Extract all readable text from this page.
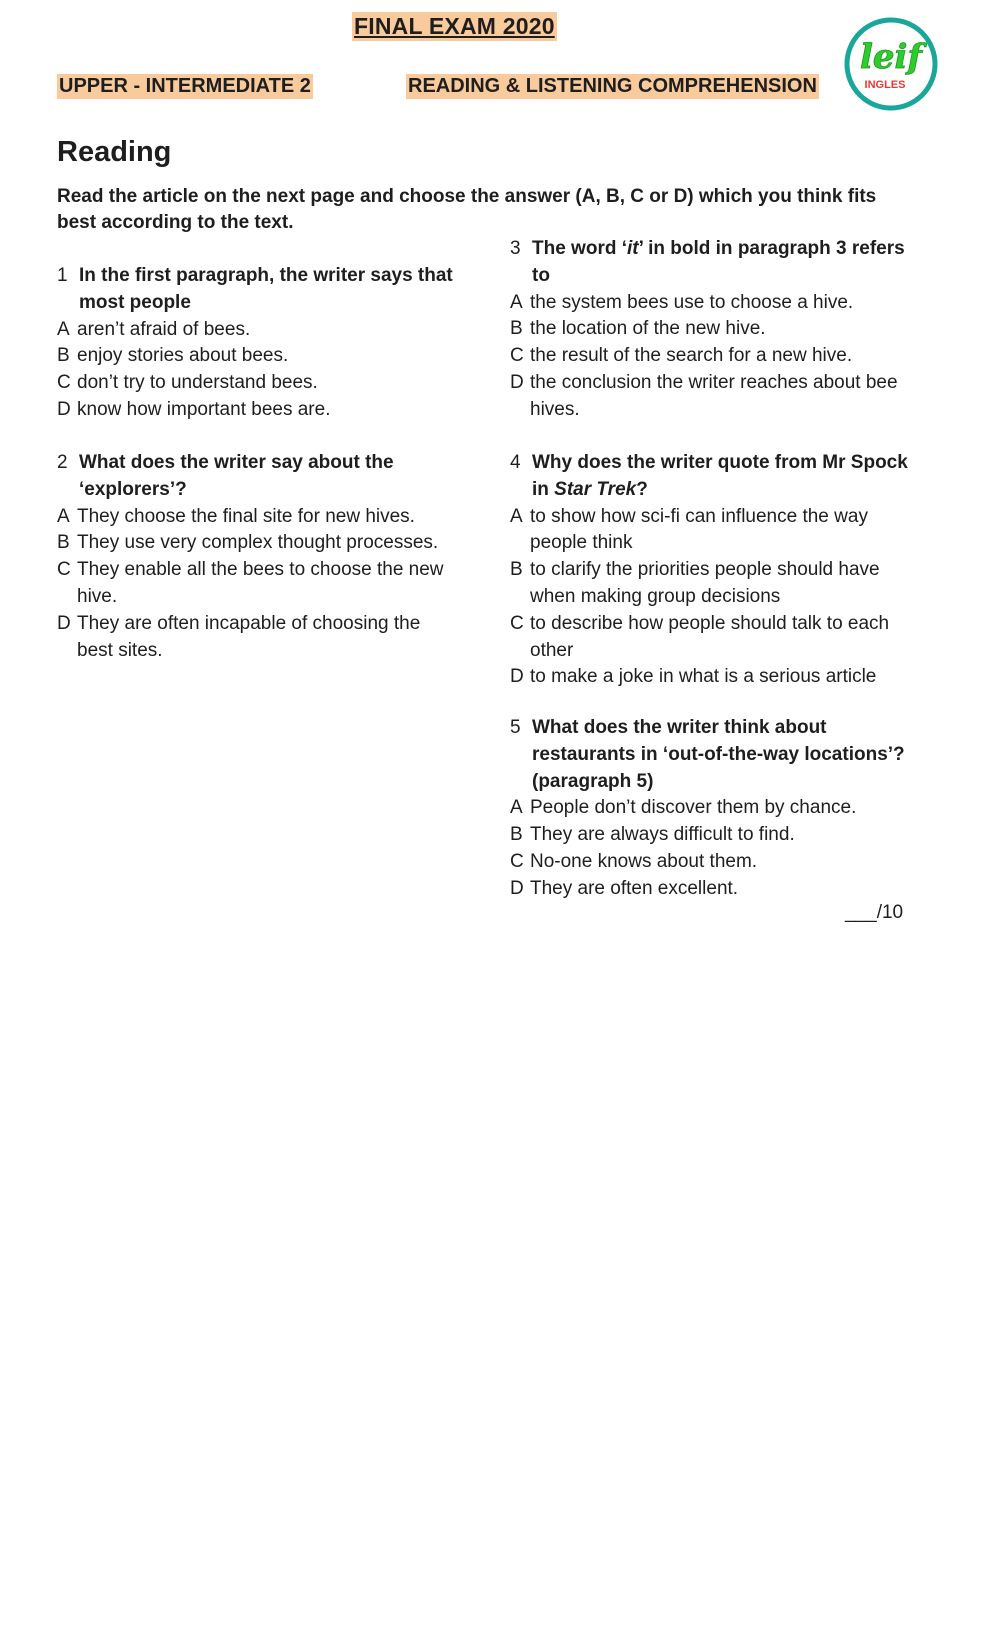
FINAL EXAM 2020
UPPER - INTERMEDIATE 2	READING & LISTENING COMPREHENSION
leif
INGLES
Reading
Read the article on the next page and choose the answer (A, B, C or D) which you think fits best according to the text.
1 In the first paragraph, the writer says that most people
A aren’t afraid of bees.
B enjoy stories about bees.
C don’t try to understand bees.
D know how important bees are.
2 What does the writer say about the ‘explorers’?
A They choose the final site for new hives.
B They use very complex thought processes.
C They enable all the bees to choose the new hive.
D They are often incapable of choosing the best sites.
3 The word ‘it’ in bold in paragraph 3 refers to
A the system bees use to choose a hive.
B the location of the new hive.
C the result of the search for a new hive.
D the conclusion the writer reaches about bee hives.
4 Why does the writer quote from Mr Spock in Star Trek?
A to show how sci-fi can influence the way people think
B to clarify the priorities people should have when making group decisions
C to describe how people should talk to each other
D to make a joke in what is a serious article
5 What does the writer think about restaurants in ‘out-of-the-way locations’? (paragraph 5)
A People don’t discover them by chance.
B They are always difficult to find.
C No-one knows about them.
D They are often excellent.
___/10
